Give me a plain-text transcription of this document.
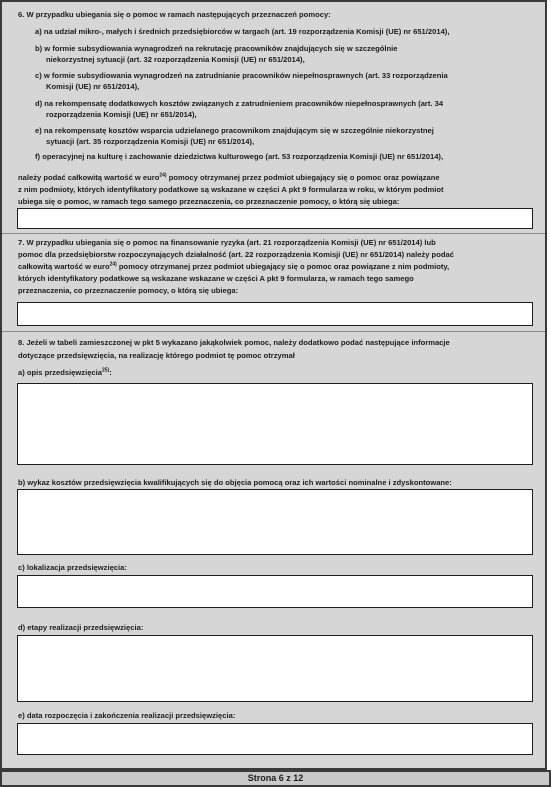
6. W przypadku ubiegania się o pomoc w ramach następujących przeznaczeń pomocy:
a) na udział mikro-, małych i średnich przedsiębiorców w targach (art. 19 rozporządzenia Komisji (UE) nr 651/2014),
b) w formie subsydiowania wynagrodzeń na rekrutację pracowników znajdujących się w szczególnie
niekorzystnej sytuacji (art. 32 rozporządzenia Komisji (UE) nr 651/2014),
c) w formie subsydiowania wynagrodzeń na zatrudnianie pracowników niepełnosprawnych (art. 33 rozporządzenia
Komisji (UE) nr 651/2014),
d) na rekompensatę dodatkowych kosztów związanych z zatrudnieniem pracowników niepełnosprawnych (art. 34
rozporządzenia Komisji (UE) nr 651/2014),
e) na rekompensatę kosztów wsparcia udzielanego pracownikom znajdującym się w szczególnie niekorzystnej
sytuacji (art. 35 rozporządzenia Komisji (UE) nr 651/2014),
f) operacyjnej na kulturę i zachowanie dziedzictwa kulturowego (art. 53 rozporządzenia Komisji (UE) nr 651/2014),
należy podać całkowitą wartość w euro$^{24)}$ pomocy otrzymanej przez podmiot ubiegający się o pomoc oraz powiązane
z nim podmioty, których identyfikatory podatkowe są wskazane w części A pkt 9 formularza w roku, w którym podmiot
ubiega się o pomoc, w ramach tego samego przeznaczenia, co przeznaczenie pomocy, o którą się ubiega:
7. W przypadku ubiegania się o pomoc na finansowanie ryzyka (art. 21 rozporządzenia Komisji (UE) nr 651/2014) lub
pomoc dla przedsiębiorstw rozpoczynających działalność (art. 22 rozporządzenia Komisji (UE) nr 651/2014) należy podać
całkowitą wartość w euro$^{24)}$ pomocy otrzymanej przez podmiot ubiegający się o pomoc oraz powiązane z nim podmioty,
których identyfikatory podatkowe są wskazane wskazane w części A pkt 9 formularza, w ramach tego samego
przeznaczenia, co przeznaczenie pomocy, o którą się ubiega:
8. Jeżeli w tabeli zamieszczonej w pkt 5 wykazano jakąkolwiek pomoc, należy dodatkowo podać następujące informacje
dotyczące przedsięwzięcia, na realizację którego podmiot tę pomoc otrzymał
a) opis przedsięwzięcia$^{25)}$:
b) wykaz kosztów przedsięwzięcia kwalifikujących się do objęcia pomocą oraz ich wartości nominalne i zdyskontowane:
c) lokalizacja przedsięwzięcia:
d) etapy realizacji przedsięwzięcia:
e) data rozpoczęcia i zakończenia realizacji przedsięwzięcia:
Strona 6 z 12
